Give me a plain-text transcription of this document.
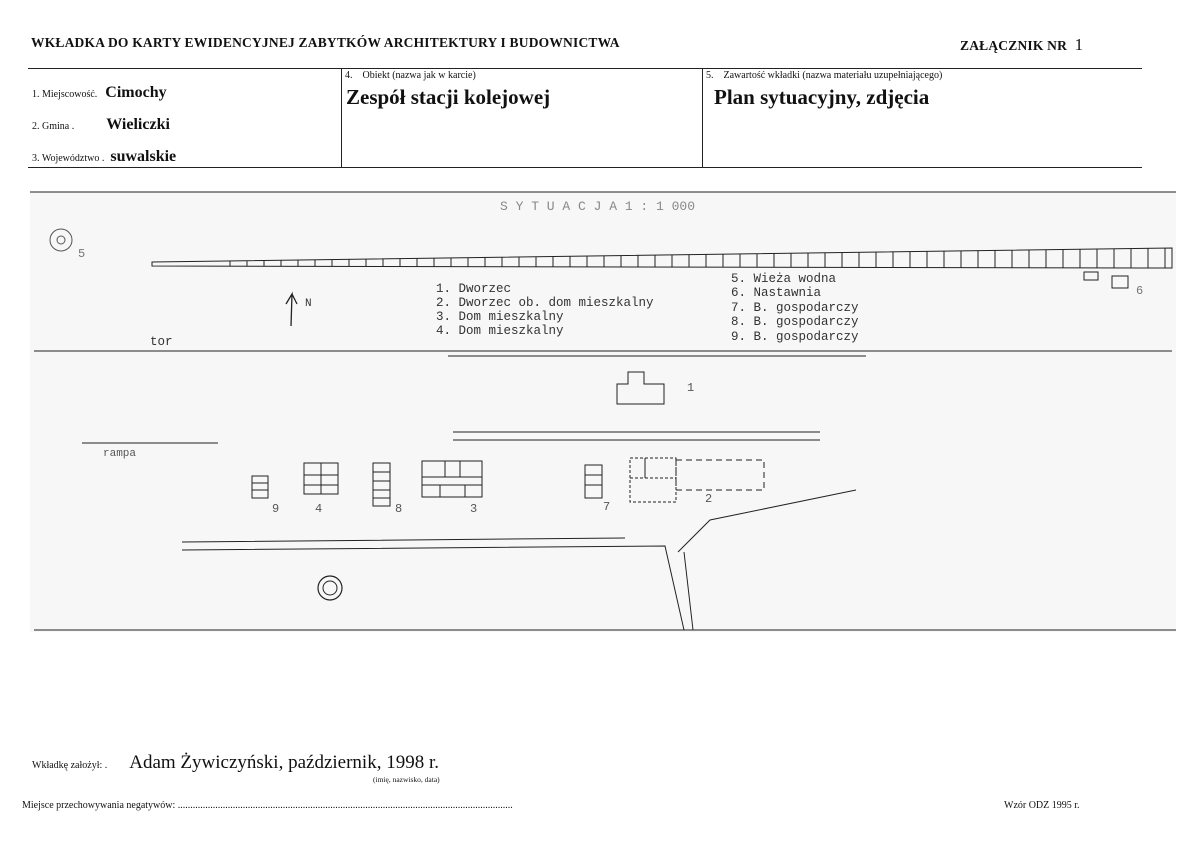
WKŁADKA DO KARTY EWIDENCYJNEJ ZABYTKÓW ARCHITEKTURY I BUDOWNICTWA	ZAŁĄCZNIK NR 1
1. Miejscowość. Cimochy
2. Gmina . Wieliczki
3. Województwo . suwalskie
4.    Obiekt (nazwa jak w karcie)
Zespół stacji kolejowej
5.    Zawartość wkładki (nazwa materiału uzupełniającego)
Plan sytuacyjny, zdjęcia
S Y T U A C J A 1 : 1 000
5
6
N
1. Dworzec
2. Dworzec ob. dom mieszkalny
3. Dom mieszkalny
4. Dom mieszkalny
5. Wieża wodna
6. Nastawnia
7. B. gospodarczy
8. B. gospodarczy
9. B. gospodarczy
tor
1
rampa
9	4	8	3	7
2
Wkładkę założył: . Adam Żywiczyński, październik, 1998 r.
(imię, nazwisko, data)
Miejsce przechowywania negatywów: ......................................................................................................................................	Wzór ODZ 1995 r.
